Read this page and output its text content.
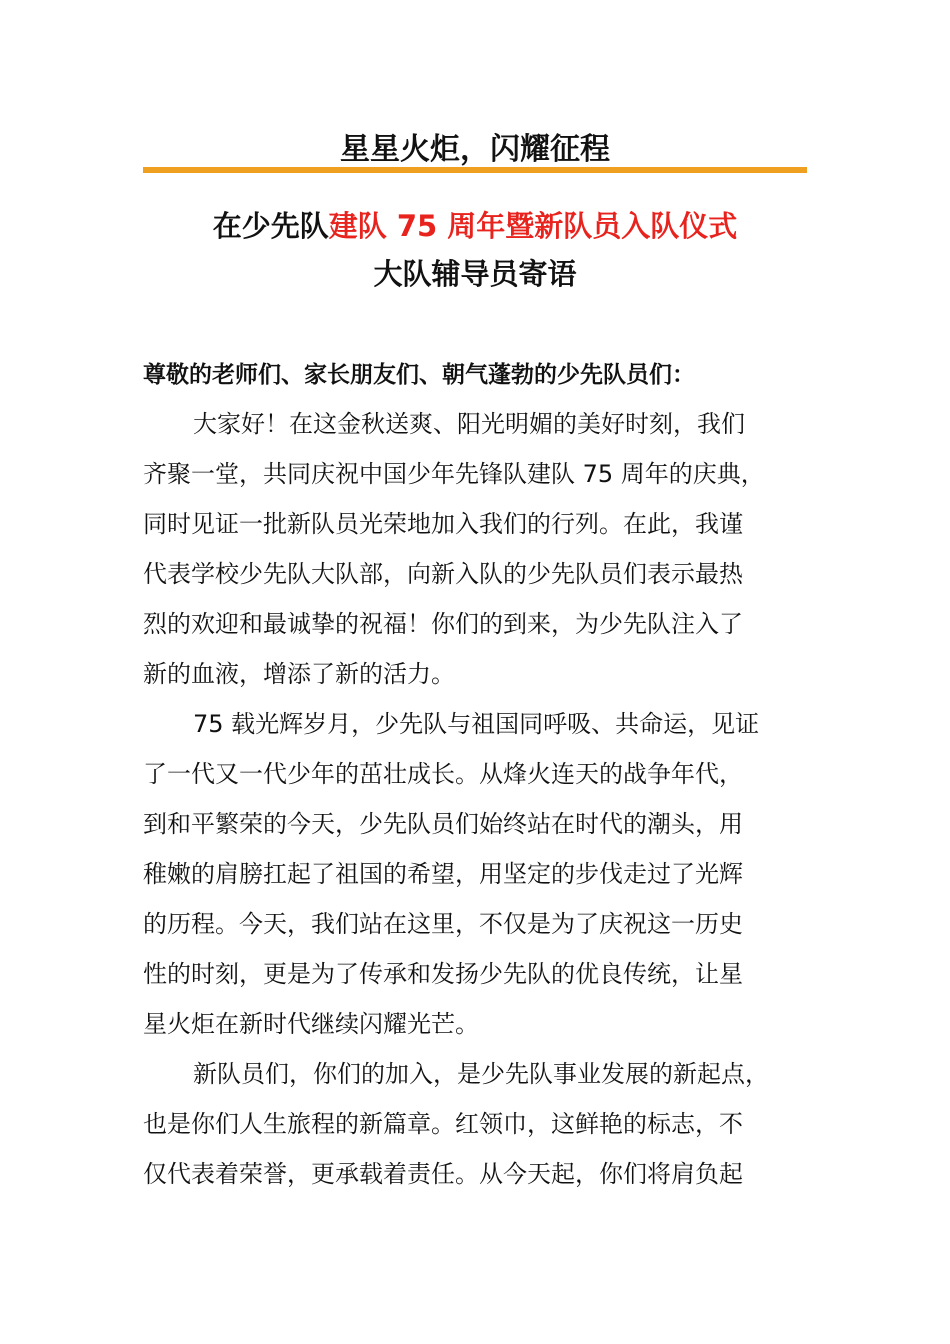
星星火炬，闪耀征程
在少先队建队 75 周年暨新队员入队仪式
大队辅导员寄语
尊敬的老师们、家长朋友们、朝气蓬勃的少先队员们：
大家好！在这金秋送爽、阳光明媚的美好时刻，我们
齐聚一堂，共同庆祝中国少年先锋队建队 75 周年的庆典，
同时见证一批新队员光荣地加入我们的行列。在此，我谨
代表学校少先队大队部，向新入队的少先队员们表示最热
烈的欢迎和最诚挚的祝福！你们的到来，为少先队注入了
新的血液，增添了新的活力。
75 载光辉岁月，少先队与祖国同呼吸、共命运，见证
了一代又一代少年的茁壮成长。从烽火连天的战争年代，
到和平繁荣的今天，少先队员们始终站在时代的潮头，用
稚嫩的肩膀扛起了祖国的希望，用坚定的步伐走过了光辉
的历程。今天，我们站在这里，不仅是为了庆祝这一历史
性的时刻，更是为了传承和发扬少先队的优良传统，让星
星火炬在新时代继续闪耀光芒。
新队员们，你们的加入，是少先队事业发展的新起点，
也是你们人生旅程的新篇章。红领巾，这鲜艳的标志，不
仅代表着荣誉，更承载着责任。从今天起，你们将肩负起
